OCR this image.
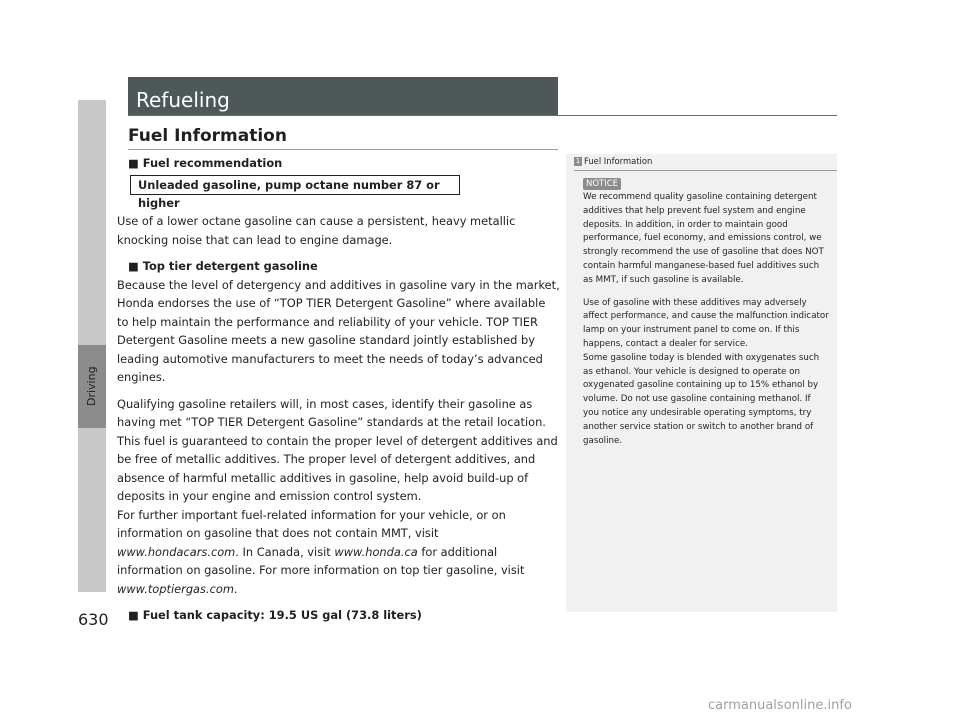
Driving
630
Refueling
Fuel Information

■ Fuel recommendation

Unleaded gasoline, pump octane number 87 or higher

Use of a lower octane gasoline can cause a persistent, heavy metallic knocking noise that can lead to engine damage.

■ Top tier detergent gasoline

Because the level of detergency and additives in gasoline vary in the market, Honda endorses the use of “TOP TIER Detergent Gasoline” where available to help maintain the performance and reliability of your vehicle. TOP TIER Detergent Gasoline meets a new gasoline standard jointly established by leading automotive manufacturers to meet the needs of today’s advanced engines.

Qualifying gasoline retailers will, in most cases, identify their gasoline as having met “TOP TIER Detergent Gasoline” standards at the retail location. This fuel is guaranteed to contain the proper level of detergent additives and be free of metallic additives. The proper level of detergent additives, and absence of harmful metallic additives in gasoline, help avoid build-up of deposits in your engine and emission control system.

For further important fuel-related information for your vehicle, or on information on gasoline that does not contain MMT, visit www.hondacars.com. In Canada, visit www.honda.ca for additional information on gasoline. For more information on top tier gasoline, visit www.toptiergas.com.

■ Fuel tank capacity: 19.5 US gal (73.8 liters)

1 Fuel Information
NOTICE

We recommend quality gasoline containing detergent additives that help prevent fuel system and engine deposits. In addition, in order to maintain good performance, fuel economy, and emissions control, we strongly recommend the use of gasoline that does NOT contain harmful manganese-based fuel additives such as MMT, if such gasoline is available.

Use of gasoline with these additives may adversely affect performance, and cause the malfunction indicator lamp on your instrument panel to come on. If this happens, contact a dealer for service.

Some gasoline today is blended with oxygenates such as ethanol. Your vehicle is designed to operate on oxygenated gasoline containing up to 15% ethanol by volume. Do not use gasoline containing methanol. If you notice any undesirable operating symptoms, try another service station or switch to another brand of gasoline.

carmanualsonline.info
